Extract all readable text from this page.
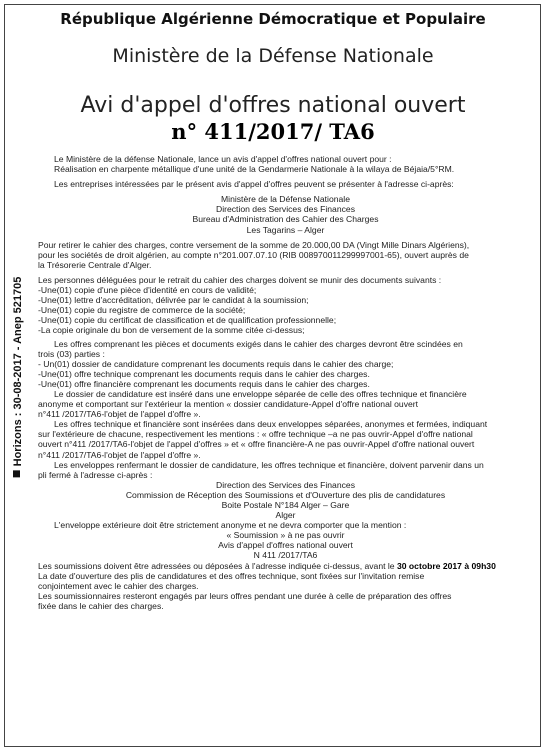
Horizons : 30-08-2017 - Anep 521705
République Algérienne Démocratique et Populaire
Ministère de la Défense Nationale
Avi d'appel d'offres national ouvert
n° 411/2017/ TA6

Le Ministère de la défense Nationale, lance un avis d'appel d'offres national ouvert pour :

Réalisation en charpente métallique d'une unité de la Gendarmerie Nationale à la wilaya de Béjaia/5°RM.

Les entreprises intéressées par le présent avis d'appel d'offres peuvent se présenter à l'adresse ci-après:

Ministère de la Défense Nationale

Direction des Services des Finances

Bureau d'Administration des Cahier des Charges

Les Tagarins – Alger

Pour retirer le cahier des charges, contre versement de la somme de 20.000,00 DA (Vingt Mille Dinars Algériens),

pour les sociétés de droit algérien, au compte n°201.007.07.10 (RIB 008970011299997001-65), ouvert auprès de

la Trésorerie Centrale d'Alger.

Les personnes déléguées pour le retrait du cahier des charges doivent se munir des documents suivants :

-Une(01) copie d'une pièce d'identité en cours de validité;

-Une(01) lettre d'accréditation, délivrée par le candidat à la soumission;

-Une(01) copie du registre de commerce de la société;

-Une(01) copie du certificat de classification et de qualification professionnelle;

-La copie originale du bon de versement de la somme citée ci-dessus;

Les offres comprenant les pièces et documents exigés dans le cahier des charges devront être scindées en

trois (03) parties :

- Un(01) dossier de candidature comprenant les documents requis dans le cahier des charge;

-Une(01) offre technique comprenant les documents requis dans le cahier des charges.

-Une(01) offre financière comprenant les documents requis dans le cahier des charges.

Le dossier de candidature est inséré dans une enveloppe séparée de celle des offres technique et financière

anonyme et comportant sur l'extérieur la mention « dossier candidature-Appel d'offre national ouvert

n°411 /2017/TA6-l'objet de l'appel d'offre ».

Les offres technique et financière sont insérées dans deux enveloppes séparées, anonymes et fermées, indiquant

sur l'extérieure de chacune, respectivement les mentions : « offre technique –a ne pas ouvrir-Appel d'offre national

ouvert n°411 /2017/TA6-l'objet de l'appel d'offres » et « offre financière-A ne pas ouvrir-Appel d'offre national ouvert

n°411 /2017/TA6-l'objet de l'appel d'offre ».

Les enveloppes renfermant le dossier de candidature, les offres technique et financière, doivent parvenir dans un

pli fermé à l'adresse ci-après :

Direction des Services des Finances

Commission de Réception des Soumissions et d'Ouverture des plis de candidatures

Boite Postale N°184 Alger – Gare

Alger

L'enveloppe extérieure doit être strictement anonyme et ne devra comporter que la mention :

« Soumission » à ne pas ouvrir

Avis d'appel d'offres national ouvert

N 411 /2017/TA6

Les soumissions doivent être adressées ou déposées à l'adresse indiquée ci-dessus, avant le 30 octobre 2017 à 09h30

La date d'ouverture des plis de candidatures et des offres technique, sont fixées sur l'invitation remise

conjointement avec le cahier des charges.

Les soumissionnaires resteront engagés par leurs offres pendant une durée à celle de préparation des offres

fixée dans le cahier des charges.
